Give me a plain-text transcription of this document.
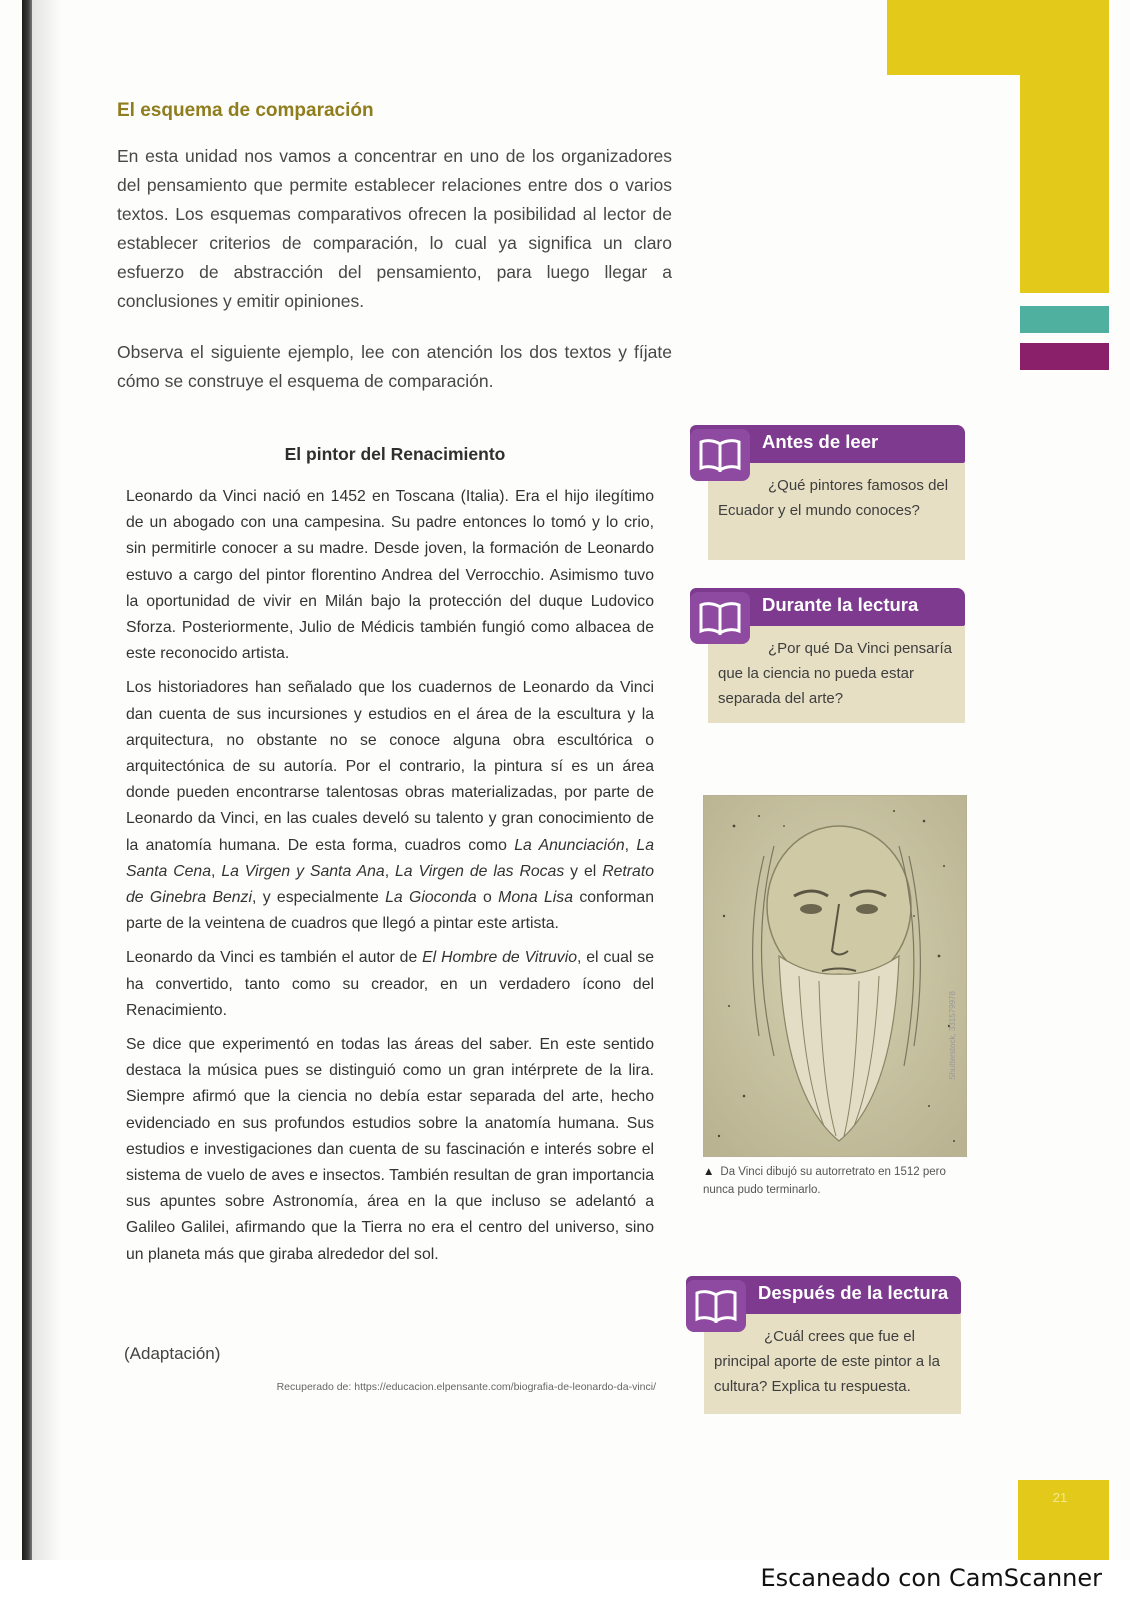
21
El esquema de comparación

En esta unidad nos vamos a concentrar en uno de los organizadores del pensamiento que permite establecer relaciones entre dos o varios textos. Los esquemas comparativos ofrecen la posibilidad al lector de establecer criterios de comparación, lo cual ya significa un claro esfuerzo de abstracción del pensamiento, para luego llegar a conclusiones y emitir opiniones.

Observa el siguiente ejemplo, lee con atención los dos textos y fíjate cómo se construye el esquema de comparación.

El pintor del Renacimiento

Leonardo da Vinci nació en 1452 en Toscana (Italia). Era el hijo ilegítimo de un abogado con una campesina. Su padre entonces lo tomó y lo crio, sin permitirle conocer a su madre. Desde joven, la formación de Leonardo estuvo a cargo del pintor florentino Andrea del Verrocchio. Asimismo tuvo la oportunidad de vivir en Milán bajo la protección del duque Ludovico Sforza. Posteriormente, Julio de Médicis también fungió como albacea de este reconocido artista.

Los historiadores han señalado que los cuadernos de Leonardo da Vinci dan cuenta de sus incursiones y estudios en el área de la escultura y la arquitectura, no obstante no se conoce alguna obra escultórica o arquitectónica de su autoría. Por el contrario, la pintura sí es un área donde pueden encontrarse talentosas obras materializadas, por parte de Leonardo da Vinci, en las cuales develó su talento y gran conocimiento de la anatomía humana. De esta forma, cuadros como La Anunciación, La Santa Cena, La Virgen y Santa Ana, La Virgen de las Rocas y el Retrato de Ginebra Benzi, y especialmente La Gioconda o Mona Lisa conforman parte de la veintena de cuadros que llegó a pintar este artista.

Leonardo da Vinci es también el autor de El Hombre de Vitruvio, el cual se ha convertido, tanto como su creador, en un verdadero ícono del Renacimiento.

Se dice que experimentó en todas las áreas del saber. En este sentido destaca la música pues se distinguió como un gran intérprete de la lira. Siempre afirmó que la ciencia no debía estar separada del arte, hecho evidenciado en sus profundos estudios sobre la anatomía humana. Sus estudios e investigaciones dan cuenta de su fascinación e interés sobre el sistema de vuelo de aves e insectos. También resultan de gran importancia sus apuntes sobre Astronomía, área en la que incluso se adelantó a Galileo Galilei, afirmando que la Tierra no era el centro del universo, sino un planeta más que giraba alrededor del sol.

(Adaptación)
Recuperado de: https://educacion.elpensante.com/biografia-de-leonardo-da-vinci/
¿Qué pintores famosos del Ecuador y el mundo conoces?
Antes de leer
¿Por qué Da Vinci pensaría que la ciencia no pueda estar separada del arte?
Durante la lectura
Shutterstock, 331579978
▲ Da Vinci dibujó su autorretrato en 1512 pero nunca pudo terminarlo.
¿Cuál crees que fue el principal aporte de este pintor a la cultura? Explica tu respuesta.
Después de la lectura
Escaneado con CamScanner
